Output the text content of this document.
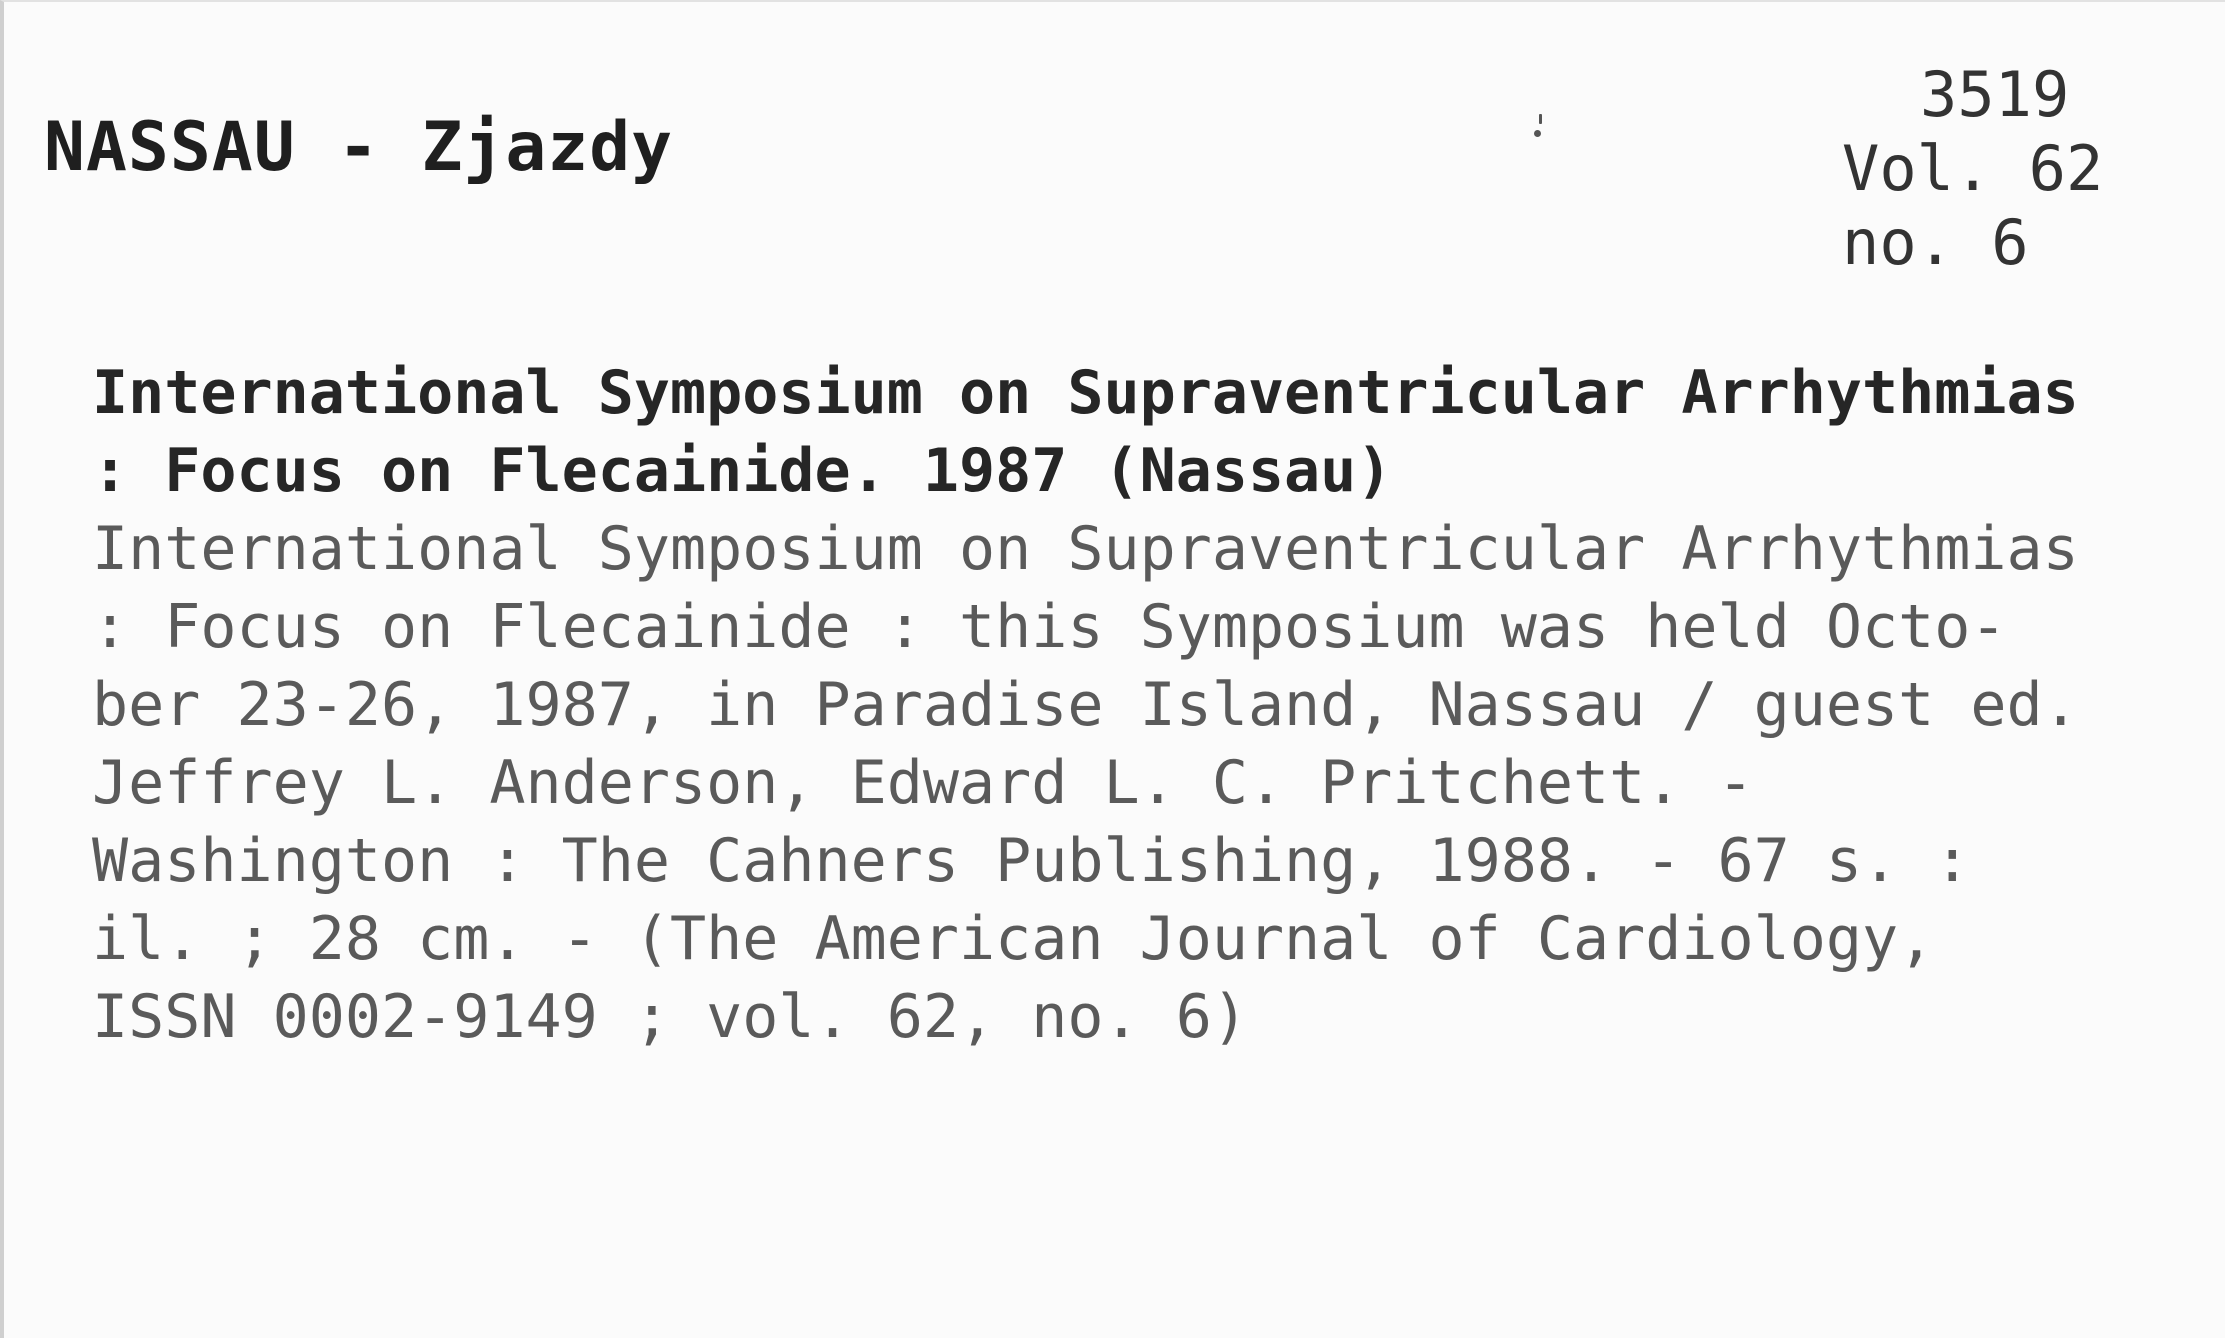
NASSAU - Zjazdy
3519
Vol. 62
no. 6
International Symposium on Supraventricular Arrhythmias
: Focus on Flecainide. 1987 (Nassau)
International Symposium on Supraventricular Arrhythmias
: Focus on Flecainide : this Symposium was held Octo-
ber 23-26, 1987, in Paradise Island, Nassau / guest ed.
Jeffrey L. Anderson, Edward L. C. Pritchett. -
Washington : The Cahners Publishing, 1988. - 67 s. :
il. ; 28 cm. - (The American Journal of Cardiology,
ISSN 0002-9149 ; vol. 62, no. 6)
